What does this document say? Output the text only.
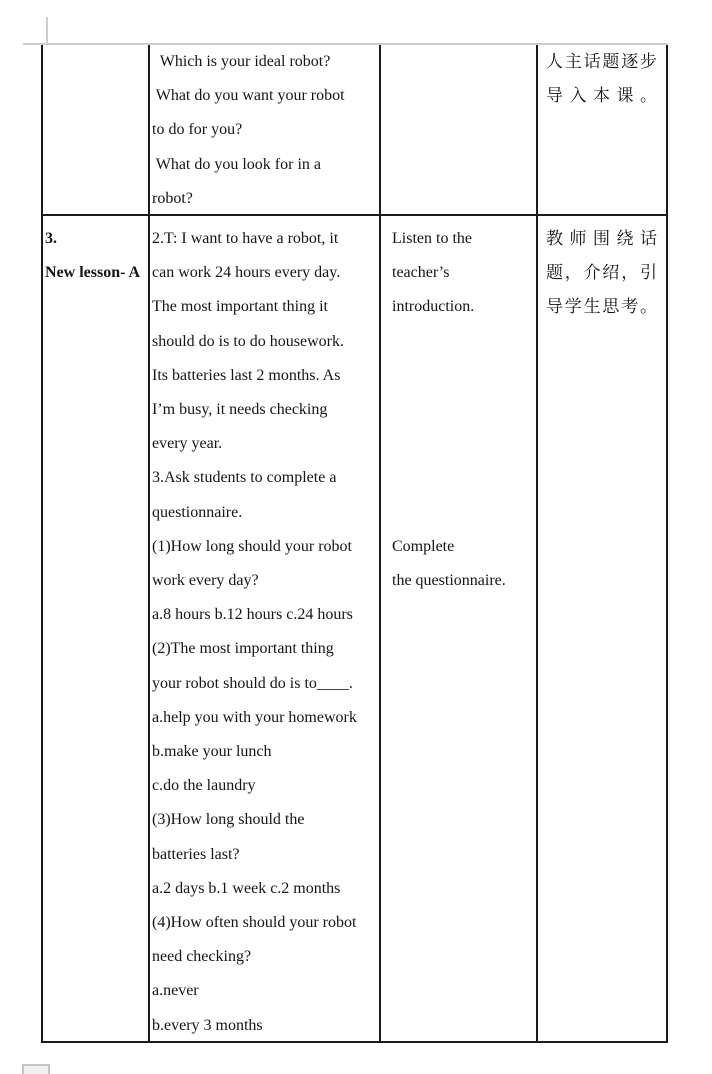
Which is your ideal robot?
What do you want your robot
to do for you?
What do you look for in a
robot?
人主话题逐步
导入本课。
3.
New lesson- A
2.T: I want to have a robot, it
can work 24 hours every day.
The most important thing it
should do is to do housework.
Its batteries last 2 months. As
I’m busy, it needs checking
every year.
3.Ask students to complete a
questionnaire.
(1)How long should your robot
work every day?
a.8 hours b.12 hours c.24 hours
(2)The most important thing
your robot should do is to____.
a.help you with your homework
b.make your lunch
c.do the laundry
(3)How long should the
batteries last?
a.2 days b.1 week c.2 months
(4)How often should your robot
need checking?
a.never
b.every 3 months
Listen to the
teacher’s
introduction.
Complete
the questionnaire.
教师围绕话
题，介绍，引
导学生思考。
